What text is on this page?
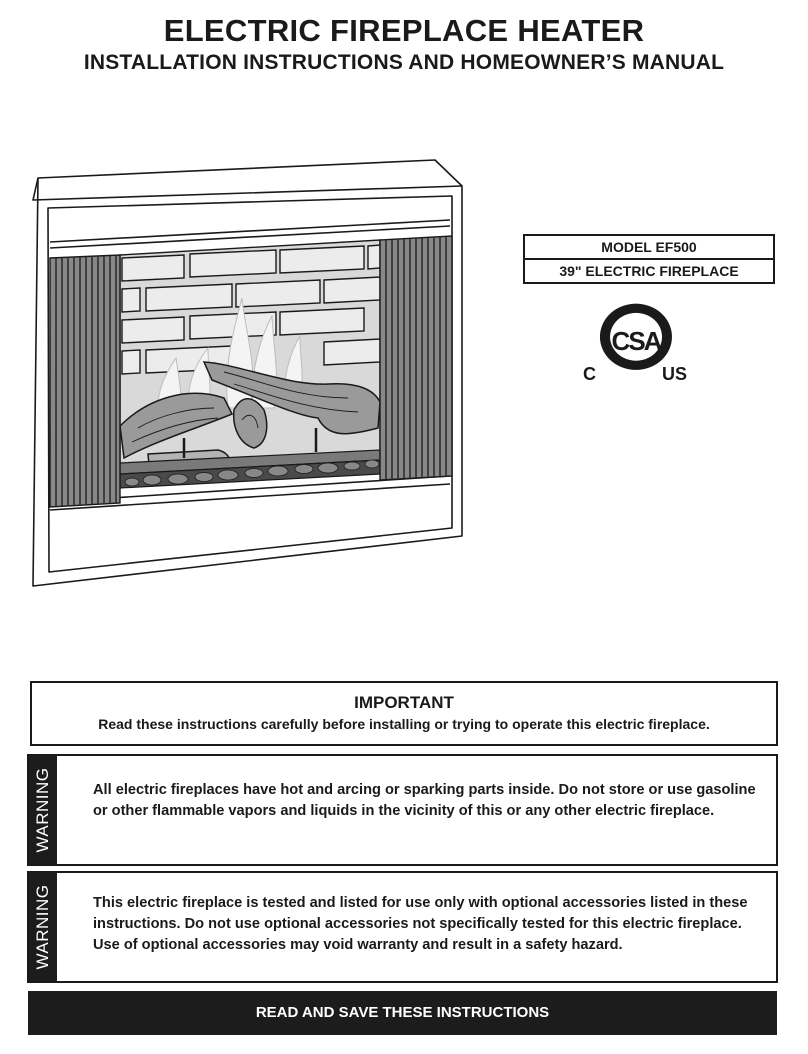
ELECTRIC FIREPLACE HEATER
INSTALLATION INSTRUCTIONS AND HOMEOWNER’S MANUAL
MODEL EF500
39" ELECTRIC FIREPLACE
CSA ®
C	US
IMPORTANT
Read these instructions carefully before installing or trying to operate this electric fireplace.
WARNING	All electric fireplaces have hot and arcing or sparking parts inside. Do not store or use gasoline or other flammable vapors and liquids in the vicinity of this or any other electric fireplace.
WARNING	This electric fireplace is tested and listed for use only with optional accessories listed in these instructions. Do not use optional accessories not specifically tested for this electric fireplace. Use of optional accessories may void warranty and result in a safety hazard.
READ AND SAVE THESE INSTRUCTIONS
